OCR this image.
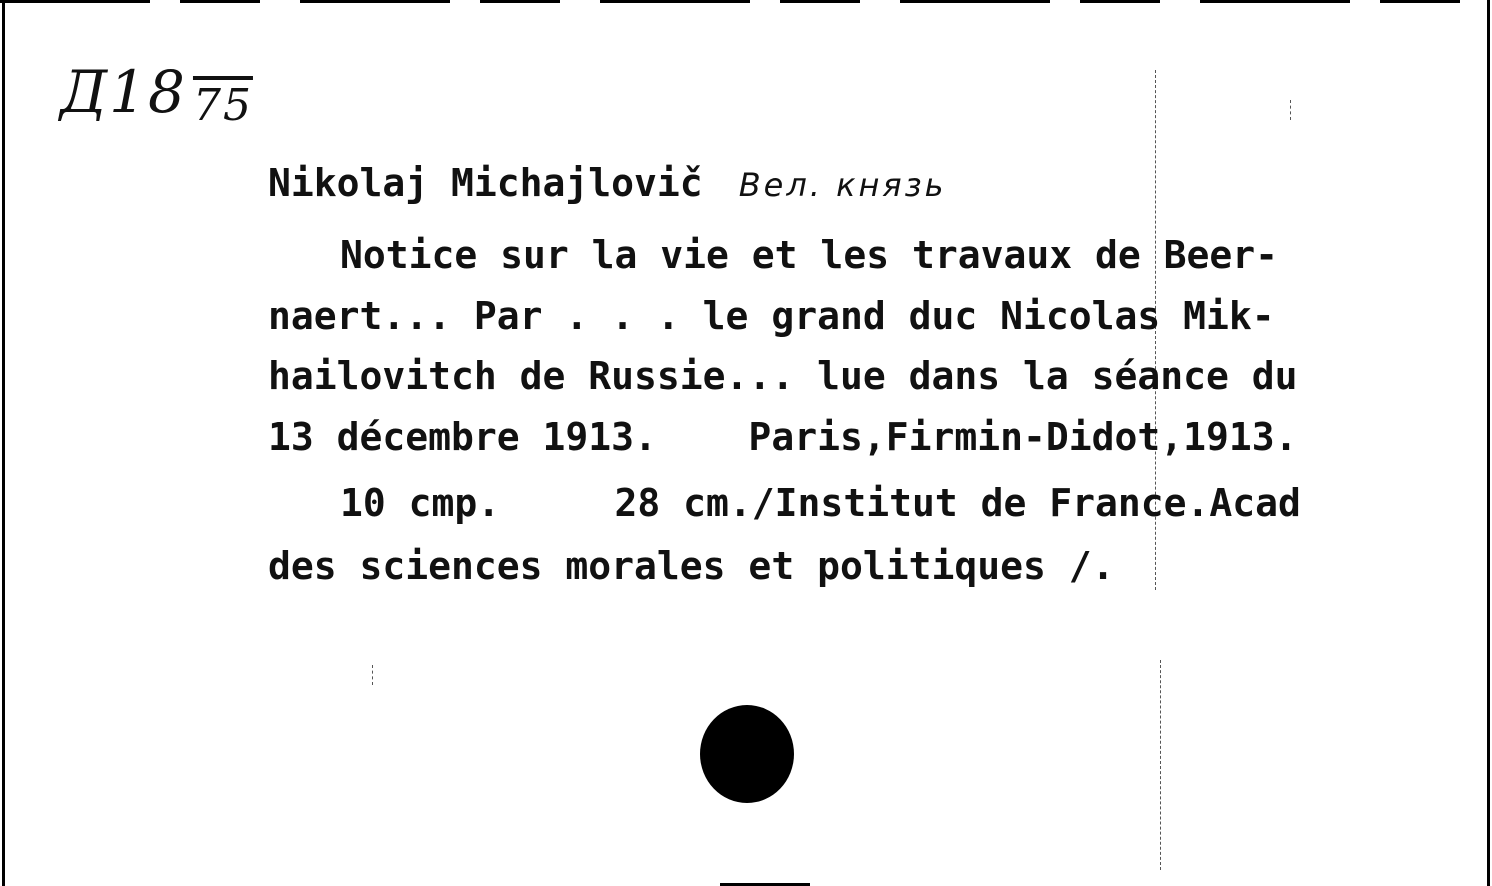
Д18 75
Nikolaj Michajlovič Вел. князь
Notice sur la vie et les travaux de Beer-
naert... Par . . . le grand duc Nicolas Mik-
hailovitch de Russie... lue dans la séance du
13 décembre 1913.    Paris,Firmin-Didot,1913.
10 cmp.     28 cm./Institut de France.Acad
des sciences morales et politiques /.
